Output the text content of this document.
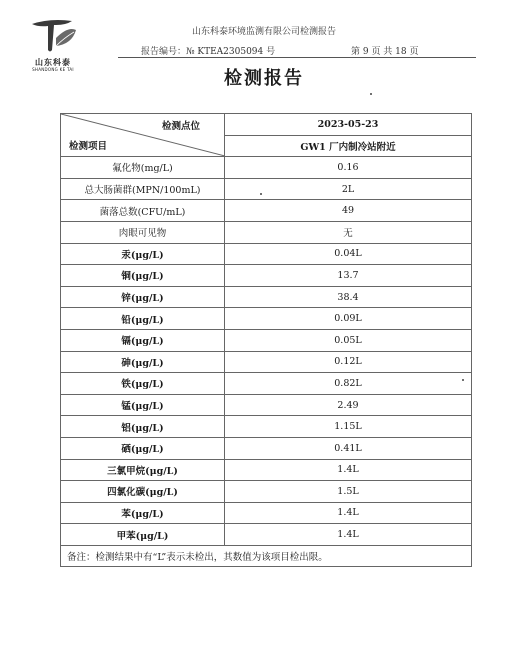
山东科泰
SHANDONG KE TAI
山东科泰环境监测有限公司检测报告
报告编号：№ KTEA2305094 号	第 9 页 共 18 页
检测报告
检测点位
检测项目	2023-05-23
	GW1 厂内制冷站附近
氟化物(mg/L)	0.16
总大肠菌群(MPN/100mL)	2L
菌落总数(CFU/mL)	49
肉眼可见物	无
汞(μg/L)	0.04L
铜(μg/L)	13.7
锌(μg/L)	38.4
铅(μg/L)	0.09L
镉(μg/L)	0.05L
砷(μg/L)	0.12L
铁(μg/L)	0.82L
锰(μg/L)	2.49
铝(μg/L)	1.15L
硒(μg/L)	0.41L
三氯甲烷(μg/L)	1.4L
四氯化碳(μg/L)	1.5L
苯(μg/L)	1.4L
甲苯(μg/L)	1.4L
备注：检测结果中有“L”表示未检出，其数值为该项目检出限。	
